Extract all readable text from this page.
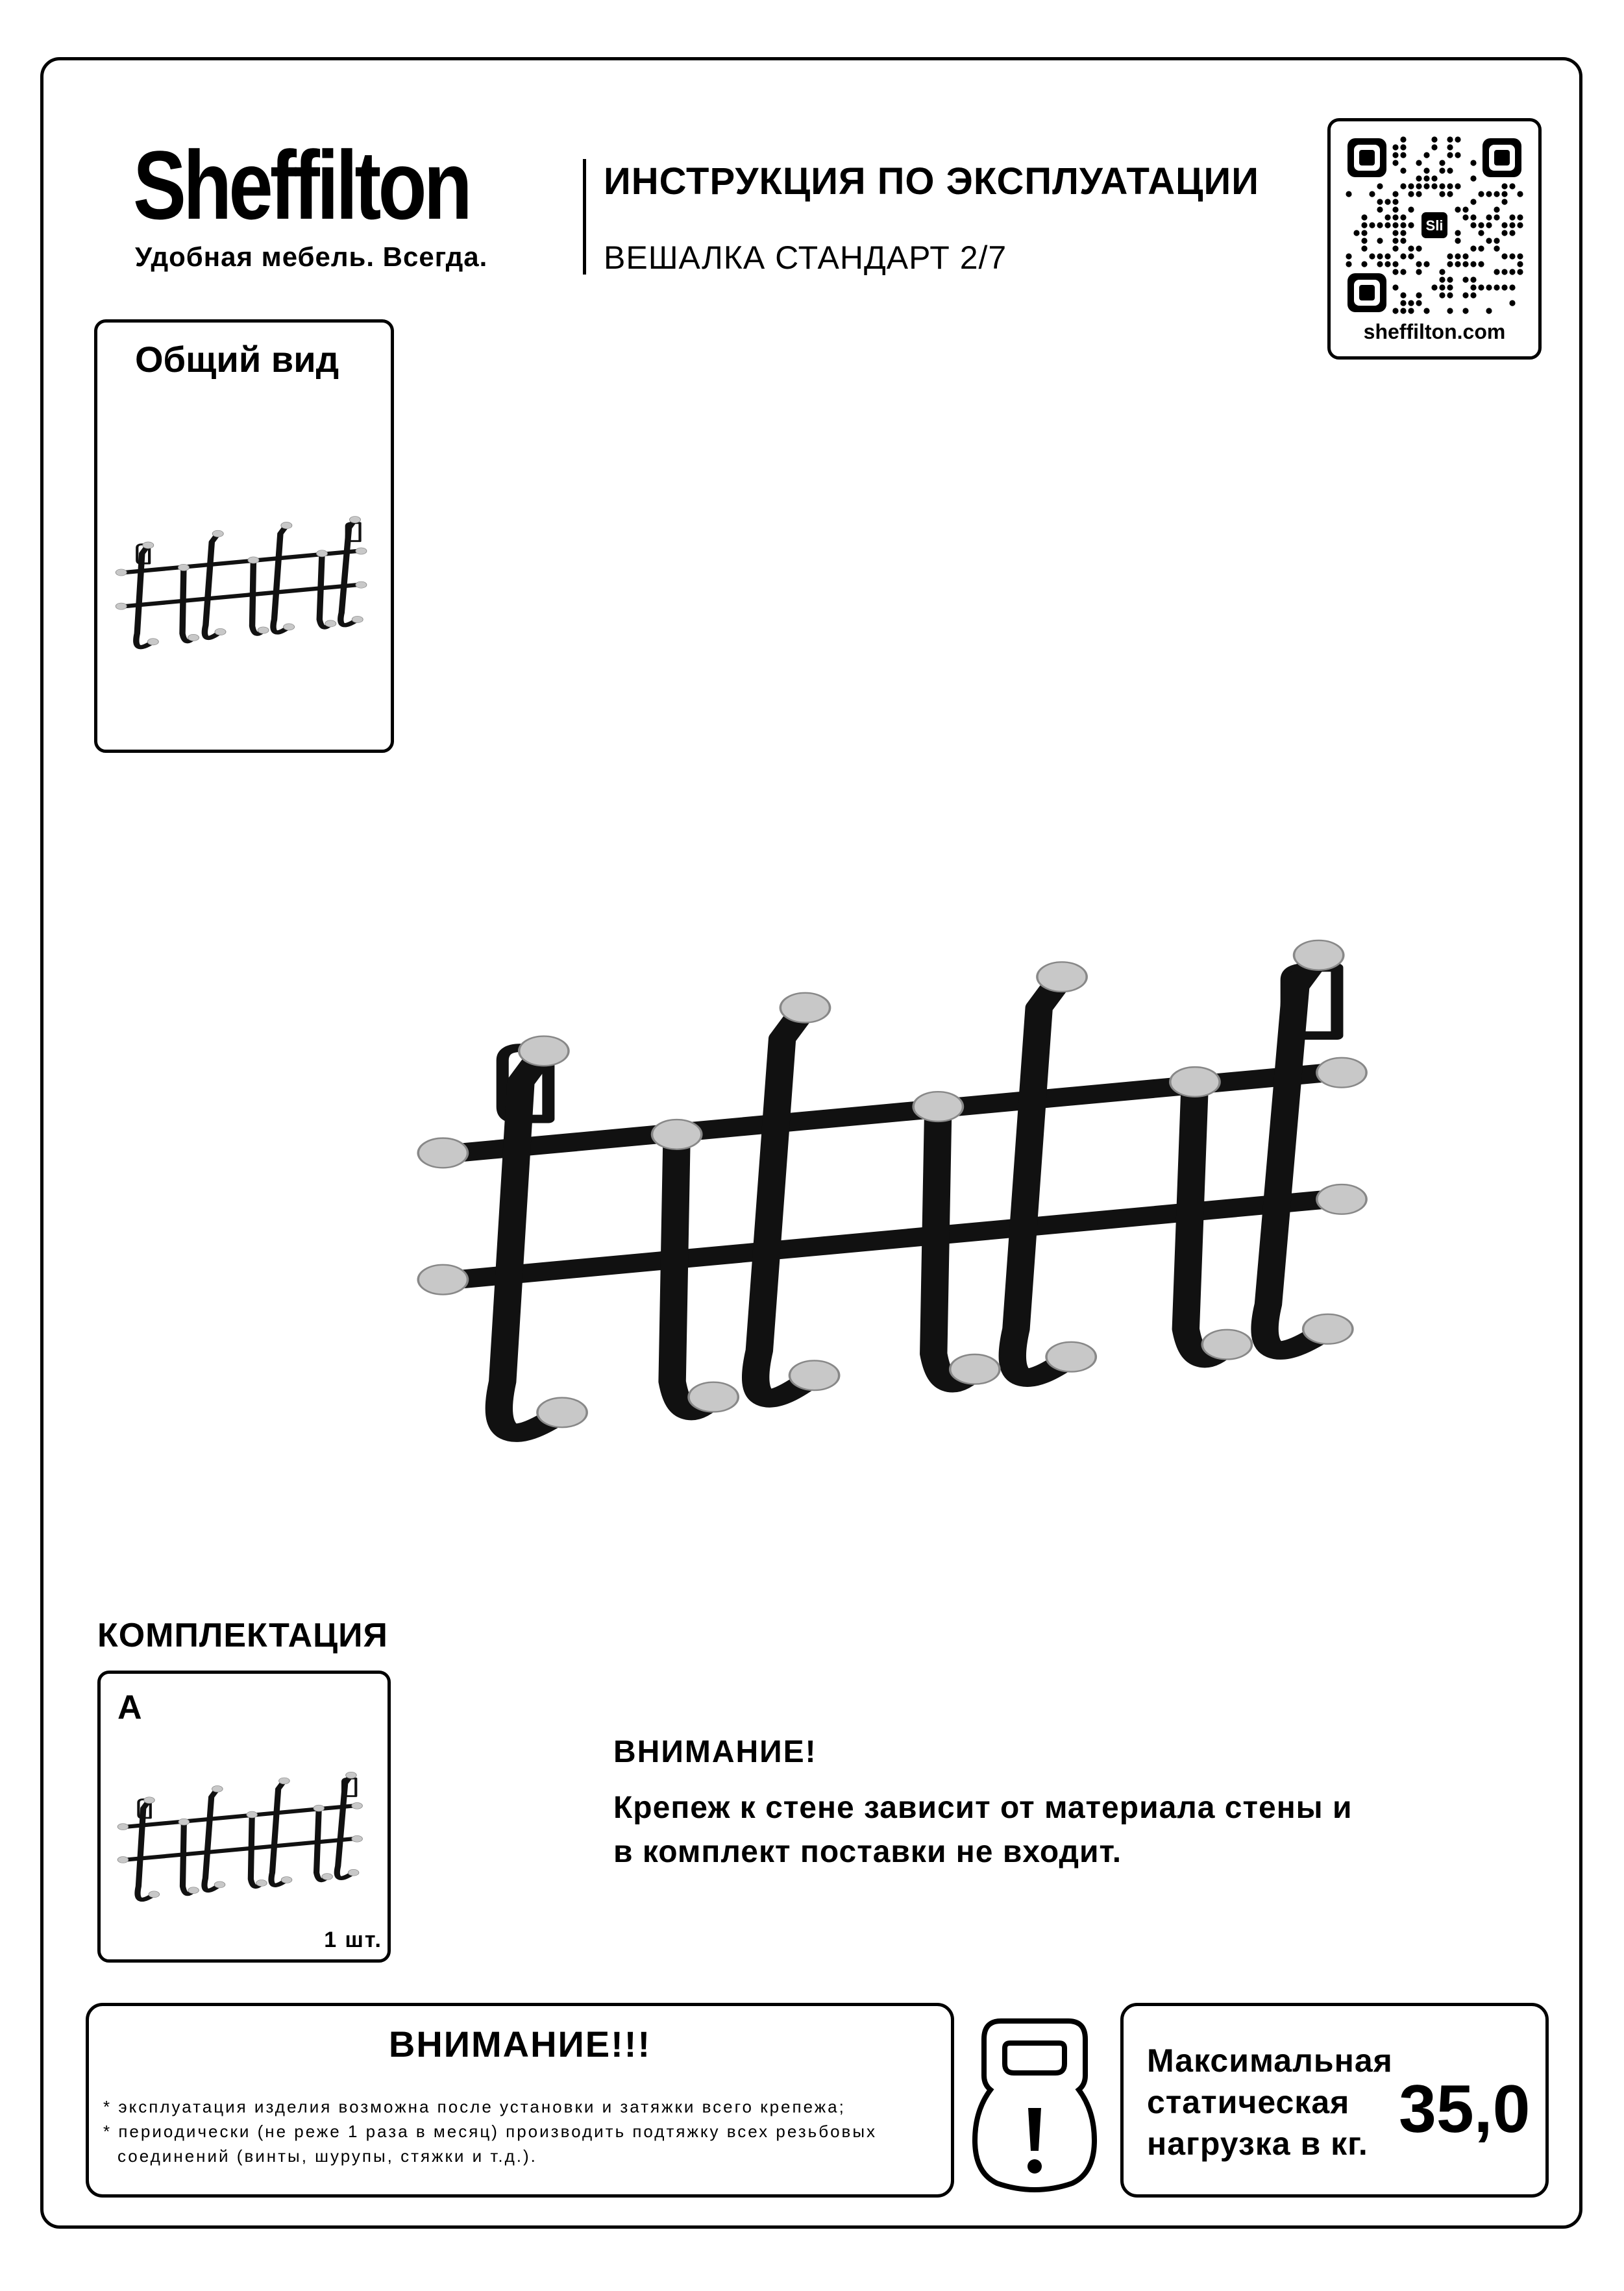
Sheffilton
Удобная мебель. Всегда.
ИНСТРУКЦИЯ ПО ЭКСПЛУАТАЦИИ
ВЕШАЛКА СТАНДАРТ 2/7
Sli
sheffilton.com
Общий вид
КОМПЛЕКТАЦИЯ
А
1 шт.
ВНИМАНИЕ!
Крепеж к стене зависит от материала стены и
в комплект поставки не входит.
ВНИМАНИЕ!!!
* эксплуатация изделия возможна после установки и затяжки всего крепежа;
* периодически (не реже 1 раза в месяц) производить подтяжку всех резьбовых
соединений (винты, шурупы, стяжки и т.д.).
Максимальная
статическая
нагрузка в кг. 35,0
